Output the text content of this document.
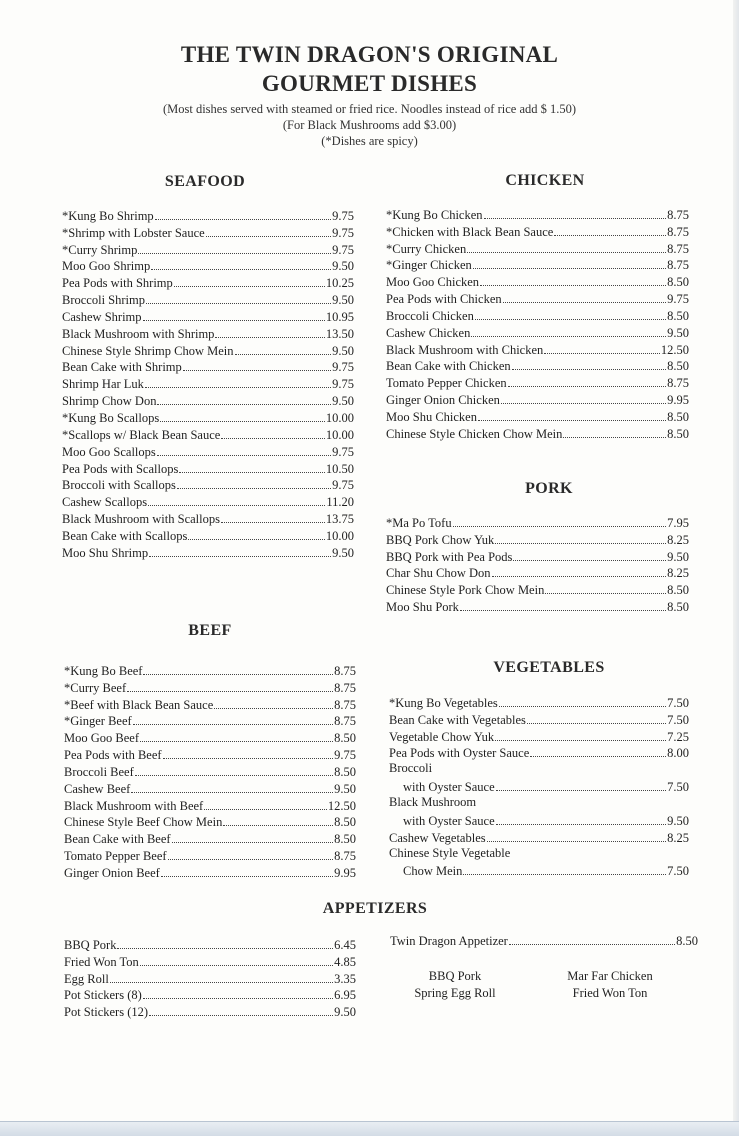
THE TWIN DRAGON'S ORIGINAL
GOURMET DISHES
(Most dishes served with steamed or fried rice. Noodles instead of rice add $ 1.50)
(For Black Mushrooms add $3.00)
(*Dishes are spicy)
SEAFOOD	CHICKEN
PORK
BEEF
VEGETABLES
APPETIZERS
*Kung Bo Shrimp	9.75
*Shrimp with Lobster Sauce	9.75
*Curry Shrimp	9.75
Moo Goo Shrimp	9.50
Pea Pods with Shrimp	10.25
Broccoli Shrimp	9.50
Cashew Shrimp	10.95
Black Mushroom with Shrimp	13.50
Chinese Style Shrimp Chow Mein	9.50
Bean Cake with Shrimp	9.75
Shrimp Har Luk	9.75
Shrimp Chow Don	9.50
*Kung Bo Scallops	10.00
*Scallops w/ Black Bean Sauce	10.00
Moo Goo Scallops	9.75
Pea Pods with Scallops	10.50
Broccoli with Scallops	9.75
Cashew Scallops	11.20
Black Mushroom with Scallops	13.75
Bean Cake with Scallops	10.00
Moo Shu Shrimp	9.50
*Kung Bo Chicken	8.75
*Chicken with Black Bean Sauce	8.75
*Curry Chicken	8.75
*Ginger Chicken	8.75
Moo Goo Chicken	8.50
Pea Pods with Chicken	9.75
Broccoli Chicken	8.50
Cashew Chicken	9.50
Black Mushroom with Chicken	12.50
Bean Cake with Chicken	8.50
Tomato Pepper Chicken	8.75
Ginger Onion Chicken	9.95
Moo Shu Chicken	8.50
Chinese Style Chicken Chow Mein	8.50
*Ma Po Tofu	7.95
BBQ Pork Chow Yuk	8.25
BBQ Pork with Pea Pods	9.50
Char Shu Chow Don	8.25
Chinese Style Pork Chow Mein	8.50
Moo Shu Pork	8.50
*Kung Bo Beef	8.75
*Curry Beef	8.75
*Beef with Black Bean Sauce	8.75
*Ginger Beef	8.75
Moo Goo Beef	8.50
Pea Pods with Beef	9.75
Broccoli Beef	8.50
Cashew Beef	9.50
Black Mushroom with Beef	12.50
Chinese Style Beef Chow Mein	8.50
Bean Cake with Beef	8.50
Tomato Pepper Beef	8.75
Ginger Onion Beef	9.95
*Kung Bo Vegetables	7.50
Bean Cake with Vegetables	7.50
Vegetable Chow Yuk	7.25
Pea Pods with Oyster Sauce	8.00
Broccoli
with Oyster Sauce	7.50
Black Mushroom
with Oyster Sauce	9.50
Cashew Vegetables	8.25
Chinese Style Vegetable
Chow Mein	7.50
BBQ Pork	6.45
Fried Won Ton	4.85
Egg Roll	3.35
Pot Stickers (8)	6.95
Pot Stickers (12)	9.50
Twin Dragon Appetizer	8.50
BBQ Pork
Spring Egg Roll
Mar Far Chicken
Fried Won Ton
